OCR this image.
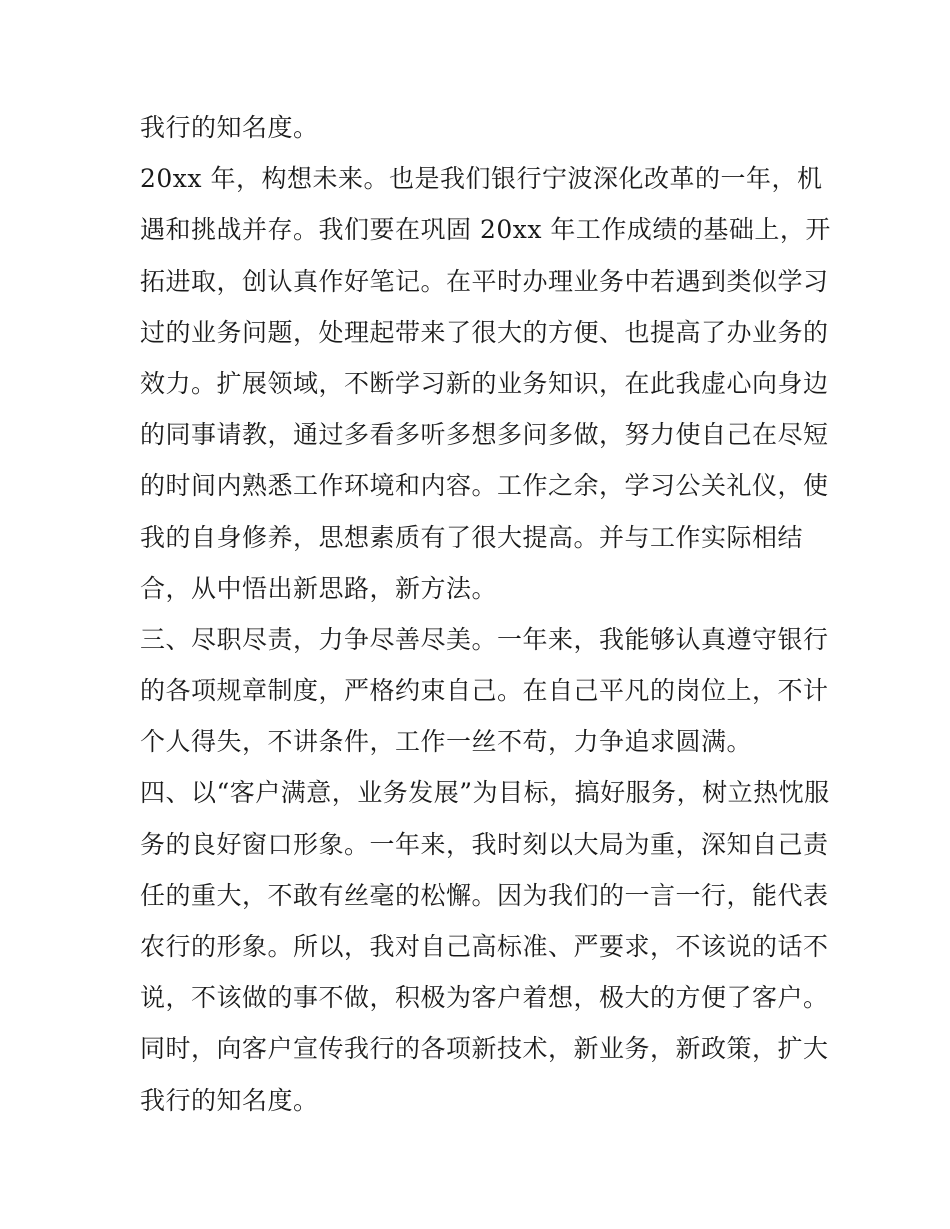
我行的知名度。
20xx 年，构想未来。也是我们银行宁波深化改革的一年，机
遇和挑战并存。我们要在巩固 20xx 年工作成绩的基础上，开
拓进取，创认真作好笔记。在平时办理业务中若遇到类似学习
过的业务问题，处理起带来了很大的方便、也提高了办业务的
效力。扩展领域，不断学习新的业务知识，在此我虚心向身边
的同事请教，通过多看多听多想多问多做，努力使自己在尽短
的时间内熟悉工作环境和内容。工作之余，学习公关礼仪，使
我的自身修养，思想素质有了很大提高。并与工作实际相结
合，从中悟出新思路，新方法。
三、尽职尽责，力争尽善尽美。一年来，我能够认真遵守银行
的各项规章制度，严格约束自己。在自己平凡的岗位上，不计
个人得失，不讲条件，工作一丝不苟，力争追求圆满。
四、以“客户满意，业务发展”为目标，搞好服务，树立热忱服
务的良好窗口形象。一年来，我时刻以大局为重，深知自己责
任的重大，不敢有丝毫的松懈。因为我们的一言一行，能代表
农行的形象。所以，我对自己高标准、严要求，不该说的话不
说，不该做的事不做，积极为客户着想，极大的方便了客户。
同时，向客户宣传我行的各项新技术，新业务，新政策，扩大
我行的知名度。
